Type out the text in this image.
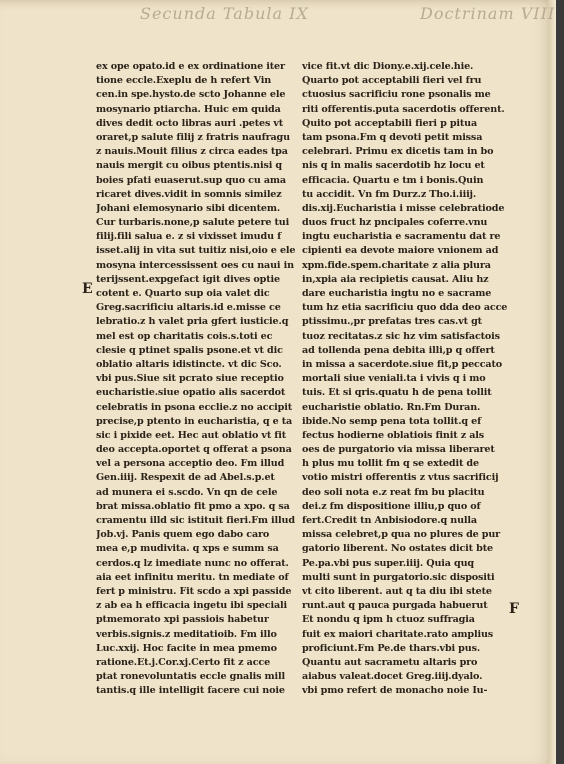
Secunda Tabula IX	Doctrinam VIII
ex ope opato.id e ex ordinatione iter
tione eccle.Exeplu de h refert Vin
cen.in spe.hysto.de scto Johanne ele
mosynario ptiarcha. Huic em quida
dives dedit octo libras auri .petes vt
oraret,p salute filij z fratris naufragu
z nauis.Mouit filius z circa eades tpa
nauis mergit cu oibus ptentis.nisi q
boies pfati euaserut.sup quo cu ama
ricaret dives.vidit in somnis similez
Johani elemosynario sibi dicentem.
Cur turbaris.none,p salute petere tui
filij.fili salua e. z si vixisset imudu f
isset.alij in vita sut tuitiz nisi,oio e ele
mosyna intercessissent oes cu naui in
terijssent.expgefact igit dives optie
cotent e. Quarto sup oia valet dic
Greg.sacrificiu altaris.id e.misse ce
lebratio.z h valet pria gfert iusticie.q
mel est op charitatis cois.s.toti ec
clesie q ptinet spalis psone.et vt dic
oblatio altaris idistincte. vt dic Sco.
vbi pus.Siue sit pcrato siue receptio
eucharistie.siue opatio alis sacerdot
celebratis in psona ecclie.z no accipit
precise,p ptento in eucharistia, q e ta
sic i pixide eet. Hec aut oblatio vt fit
deo accepta.oportet q offerat a psona
vel a persona acceptio deo. Fm illud
Gen.iiij. Respexit de ad Abel.s.p.et
ad munera ei s.scdo. Vn qn de cele
brat missa.oblatio fit pmo a xpo. q sa
cramentu illd sic istituit fieri.Fm illud
Job.vj. Panis quem ego dabo caro
mea e,p mudivita. q xps e summ sa
cerdos.q lz imediate nunc no offerat.
aia eet infinitu meritu. tn mediate of
fert p ministru. Fit scdo a xpi passide
z ab ea h efficacia ingetu ibi speciali
ptmemorato xpi passiois habetur
verbis.signis.z meditatioib. Fm illo
Luc.xxij. Hoc facite in mea pmemo
ratione.Et.j.Cor.xj.Certo fit z acce
ptat ronevoluntatis eccle gnalis mill
tantis.q ille intelligit facere cui noie
vice fit.vt dic Diony.e.xij.cele.hie.
Quarto pot acceptabili fieri vel fru
ctuosius sacrificiu rone psonalis me
riti offerentis.puta sacerdotis offerent.
Quito pot acceptabili fieri p pitua
tam psona.Fm q devoti petit missa
celebrari. Primu ex dicetis tam in bo
nis q in malis sacerdotib hz locu et
efficacia. Quartu e tm i bonis.Quin
tu accidit. Vn fm Durz.z Tho.i.iiij.
dis.xij.Eucharistia i misse celebratiode
duos fruct hz pncipales coferre.vnu
ingtu eucharistia e sacramentu dat re
cipienti ea devote maiore vnionem ad
xpm.fide.spem.charitate z alia plura
in,xpia aia recipietis causat. Aliu hz
dare eucharistia ingtu no e sacrame
tum hz etia sacrificiu quo dda deo acce
ptissimu.,pr prefatas tres cas.vt gt
tuoz recitatas.z sic hz vim satisfactois
ad tollenda pena debita illi,p q offert
in missa a sacerdote.siue fit,p peccato
mortali siue veniali.ta i vivis q i mo
tuis. Et si qris.quatu h de pena tollit
eucharistie oblatio. Rn.Fm Duran.
ibide.No semp pena tota tollit.q ef
fectus hodierne oblatiois finit z als
oes de purgatorio via missa liberaret
h plus mu tollit fm q se extedit de
votio mistri offerentis z vtus sacrificij
deo soli nota e.z reat fm bu placitu
dei.z fm dispositione illiu,p quo of
fert.Credit tn Anbisiodore.q nulla
missa celebret,p qua no plures de pur
gatorio liberent. No ostates dicit bte
Pe.pa.vbi pus super.iiij. Quia quq
multi sunt in purgatorio.sic dispositi
vt cito liberent. aut q ta diu ibi stete
runt.aut q pauca purgada habuerut
Et nondu q ipm h ctuoz suffragia
fuit ex maiori charitate.rato amplius
proficiunt.Fm Pe.de thars.vbi pus.
Quantu aut sacrametu altaris pro
aiabus valeat.docet Greg.iiij.dyalo.
vbi pmo refert de monacho noie Iu-
E
F
